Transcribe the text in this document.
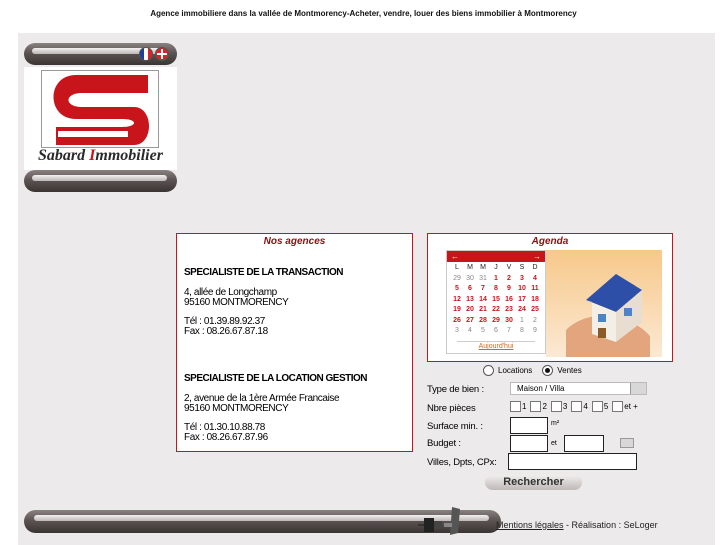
Agence immobiliere dans la vallée de Montmorency-Acheter, vendre, louer des biens immobilier à Montmorency
Sabard Immobilier
Nos agences
SPECIALISTE DE LA TRANSACTION
4, allée de Longchamp
95160 MONTMORENCY
Tél : 01.39.89.92.37
Fax : 08.26.67.87.18
SPECIALISTE DE LA LOCATION GESTION
2, avenue de la 1ère Armée Francaise
95160 MONTMORENCY
Tél : 01.30.10.88.78
Fax : 08.26.67.87.96
Agenda
←	→
L	M	M	J	V	S	D
29 30 31	1	2	3	4
5	6	7	8	9	10 11
12 13 14 15 16 17 18
19 20 21 22 23 24 25
26 27 28 29 30	1	2
3	4	5	6	7	8	9
Aujourd'hui
Locations	Ventes
Type de bien :	Maison / Villa
Nbre pièces	1 2 3 4 5 et +
Surface min. :	m²
Budget :	et
Villes, Dpts, CPx:
Rechercher
Mentions légales - Réalisation : SeLoger
